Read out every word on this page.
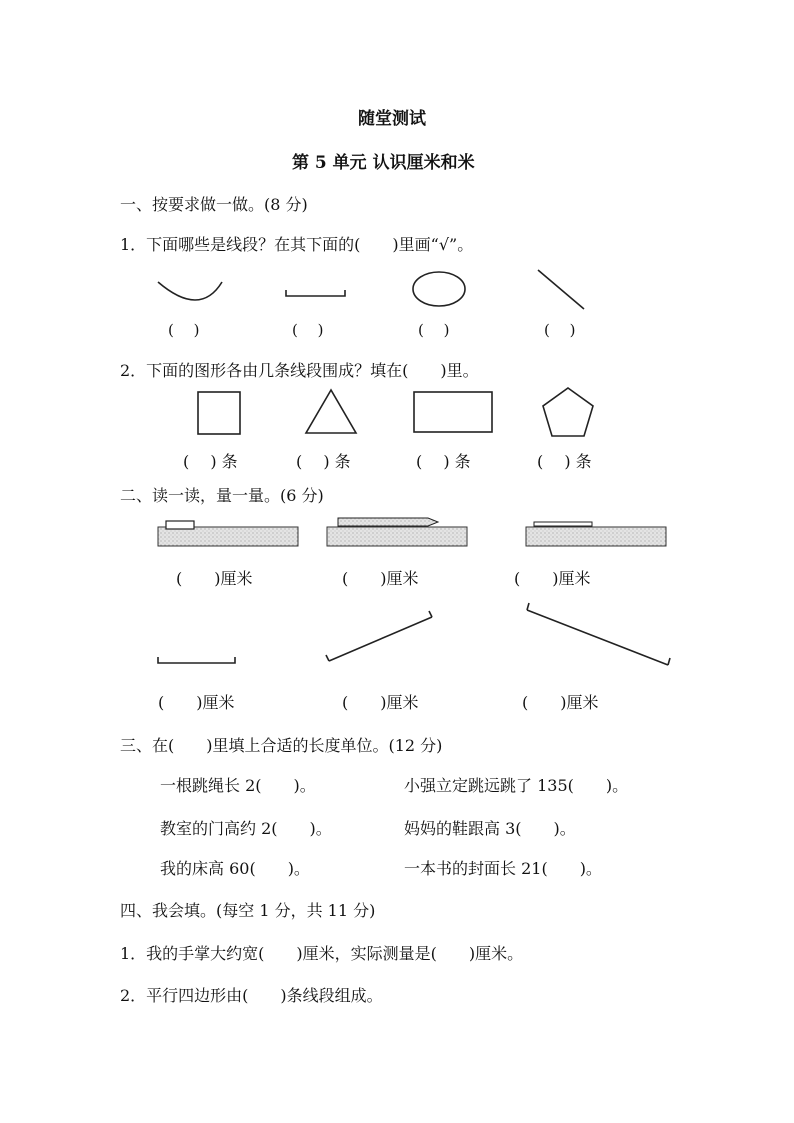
随堂测试
第 5 单元 认识厘米和米
一、按要求做一做。(8 分)
1．下面哪些是线段？在其下面的(　　)里画“√”。
(　 )	(　 )	(　 )	(　 )
2．下面的图形各由几条线段围成？填在(　　)里。
(　 ) 条	(　 ) 条	(　 ) 条	(　 ) 条
二、读一读，量一量。(6 分)
(　　)厘米	(　　)厘米	(　　)厘米
(　　)厘米	(　　)厘米	(　　)厘米
三、在(　　)里填上合适的长度单位。(12 分)
一根跳绳长 2(　　)。	小强立定跳远跳了 135(　　)。
教室的门高约 2(　　)。	妈妈的鞋跟高 3(　　)。
我的床高 60(　　)。	一本书的封面长 21(　　)。
四、我会填。(每空 1 分，共 11 分)
1．我的手掌大约宽(　　)厘米，实际测量是(　　)厘米。
2．平行四边形由(　　)条线段组成。
